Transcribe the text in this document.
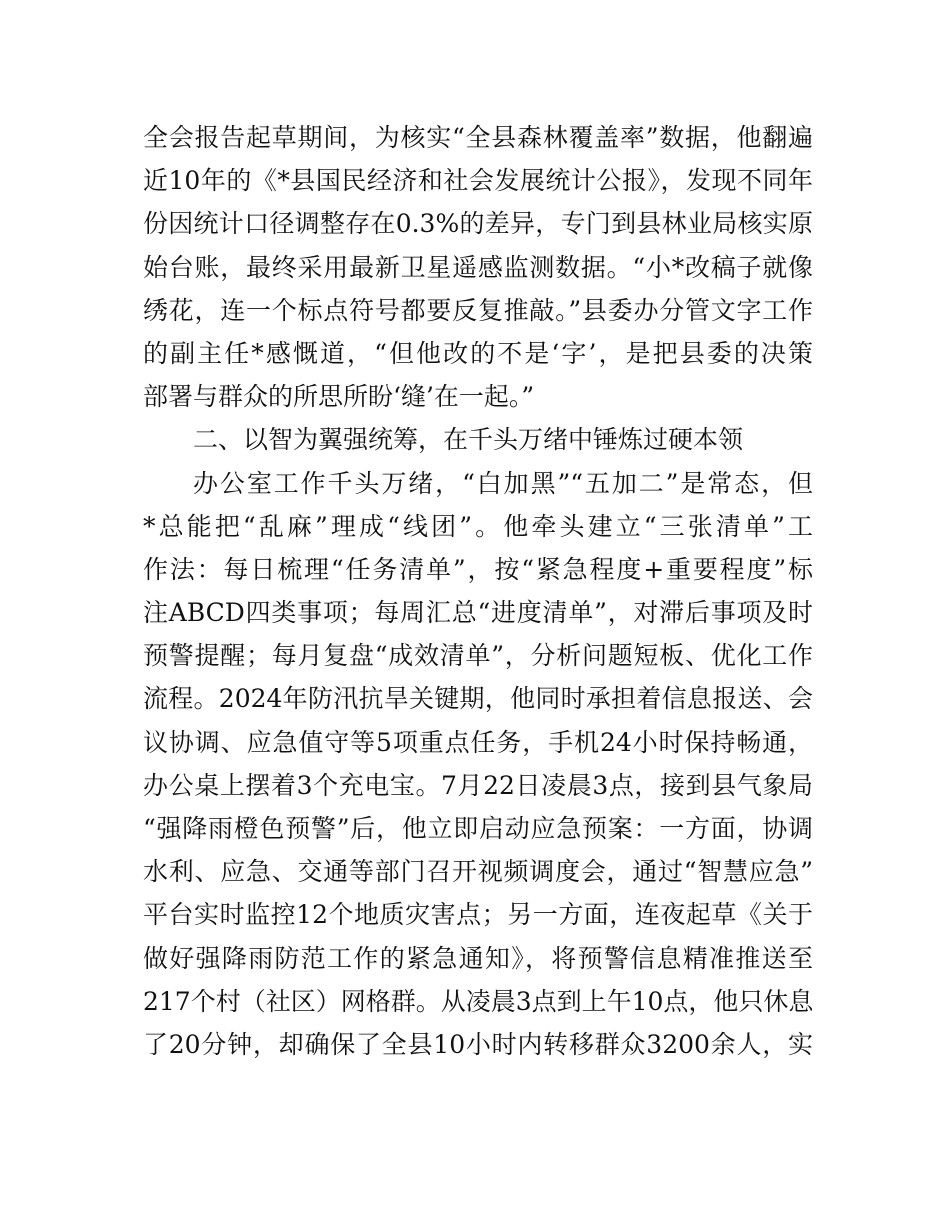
全会报告起草期间，为核实“全县森林覆盖率”数据，他翻遍
近10年的《*县国民经济和社会发展统计公报》，发现不同年
份因统计口径调整存在0.3%的差异，专门到县林业局核实原
始台账，最终采用最新卫星遥感监测数据。“小*改稿子就像
绣花，连一个标点符号都要反复推敲。”县委办分管文字工作
的副主任*感慨道，“但他改的不是‘字’，是把县委的决策
部署与群众的所思所盼‘缝’在一起。”
二、以智为翼强统筹，在千头万绪中锤炼过硬本领
办公室工作千头万绪，“白加黑”“五加二”是常态，但
*总能把“乱麻”理成“线团”。他牵头建立“三张清单”工
作法：每日梳理“任务清单”，按“紧急程度+重要程度”标
注ABCD四类事项；每周汇总“进度清单”，对滞后事项及时
预警提醒；每月复盘“成效清单”，分析问题短板、优化工作
流程。2024年防汛抗旱关键期，他同时承担着信息报送、会
议协调、应急值守等5项重点任务，手机24小时保持畅通，
办公桌上摆着3个充电宝。7月22日凌晨3点，接到县气象局
“强降雨橙色预警”后，他立即启动应急预案：一方面，协调
水利、应急、交通等部门召开视频调度会，通过“智慧应急”
平台实时监控12个地质灾害点；另一方面，连夜起草《关于
做好强降雨防范工作的紧急通知》，将预警信息精准推送至
217个村（社区）网格群。从凌晨3点到上午10点，他只休息
了20分钟，却确保了全县10小时内转移群众3200余人，实
